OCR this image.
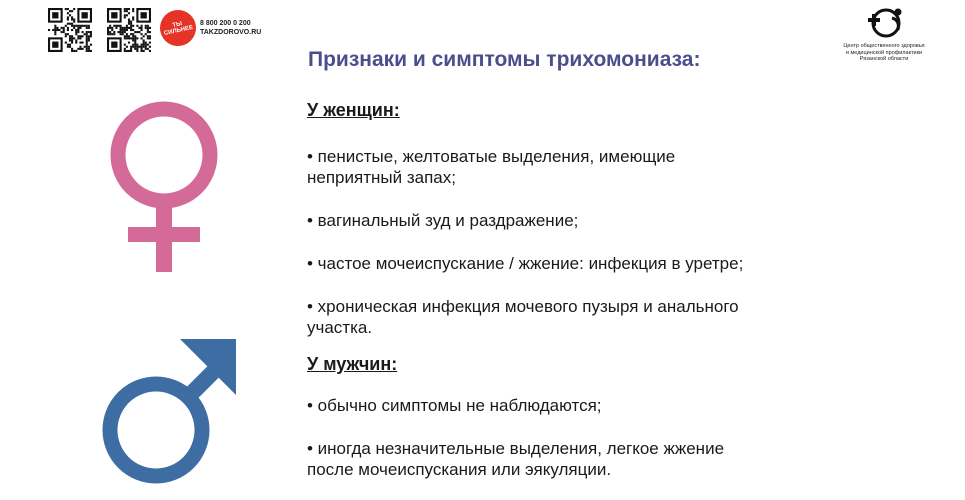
ТЫ СИЛЬНЕЕ
8 800 200 0 200
TAKZDOROVO.RU
Центр общественного здоровья
и медицинской профилактики
Рязанской области
Признаки и симптомы трихомониаза:

У женщин:

• пенистые, желтоватые выделения, имеющие
неприятный запах;

• вагинальный зуд и раздражение;

• частое мочеиспускание / жжение: инфекция в уретре;

• хроническая инфекция мочевого пузыря и анального
участка.

У мужчин:

• обычно симптомы не наблюдаются;

• иногда незначительные выделения, легкое жжение
после мочеиспускания или эякуляции.
